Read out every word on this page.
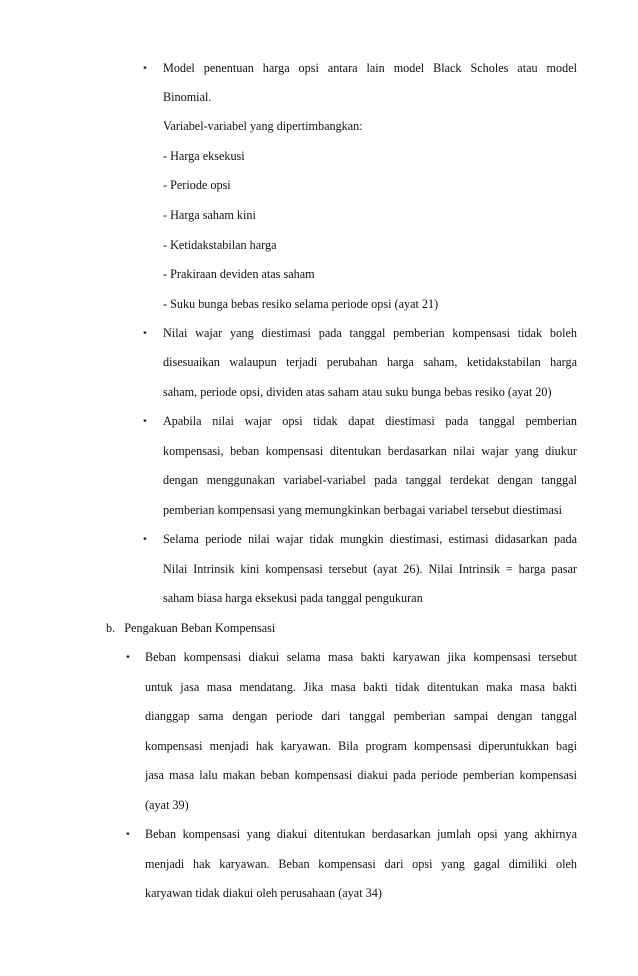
⋆ Model penentuan harga opsi antara lain model Black Scholes atau model
Binomial.
Variabel-variabel yang dipertimbangkan:
- Harga eksekusi
- Periode opsi
- Harga saham kini
- Ketidakstabilan harga
- Prakiraan deviden atas saham
- Suku bunga bebas resiko selama periode opsi (ayat 21)
⋆ Nilai wajar yang diestimasi pada tanggal pemberian kompensasi tidak boleh
disesuaikan walaupun terjadi perubahan harga saham, ketidakstabilan harga
saham, periode opsi, dividen atas saham atau suku bunga bebas resiko (ayat 20)
⋆ Apabila nilai wajar opsi tidak dapat diestimasi pada tanggal pemberian
kompensasi, beban kompensasi ditentukan berdasarkan nilai wajar yang diukur
dengan menggunakan variabel-variabel pada tanggal terdekat dengan tanggal
pemberian kompensasi yang memungkinkan berbagai variabel tersebut diestimasi
⋆ Selama periode nilai wajar tidak mungkin diestimasi, estimasi didasarkan pada
Nilai Intrinsik kini kompensasi tersebut (ayat 26). Nilai Intrinsik = harga pasar
saham biasa harga eksekusi pada tanggal pengukuran
b.   Pengakuan Beban Kompensasi
⋆ Beban kompensasi diakui selama masa bakti karyawan jika kompensasi tersebut
untuk jasa masa mendatang. Jika masa bakti tidak ditentukan maka masa bakti
dianggap sama dengan periode dari tanggal pemberian sampai dengan tanggal
kompensasi menjadi hak karyawan. Bila program kompensasi diperuntukkan bagi
jasa masa lalu makan beban kompensasi diakui pada periode pemberian kompensasi
(ayat 39)
⋆ Beban kompensasi yang diakui ditentukan berdasarkan jumlah opsi yang akhirnya
menjadi hak karyawan. Beban kompensasi dari opsi yang gagal dimiliki oleh
karyawan tidak diakui oleh perusahaan (ayat 34)
